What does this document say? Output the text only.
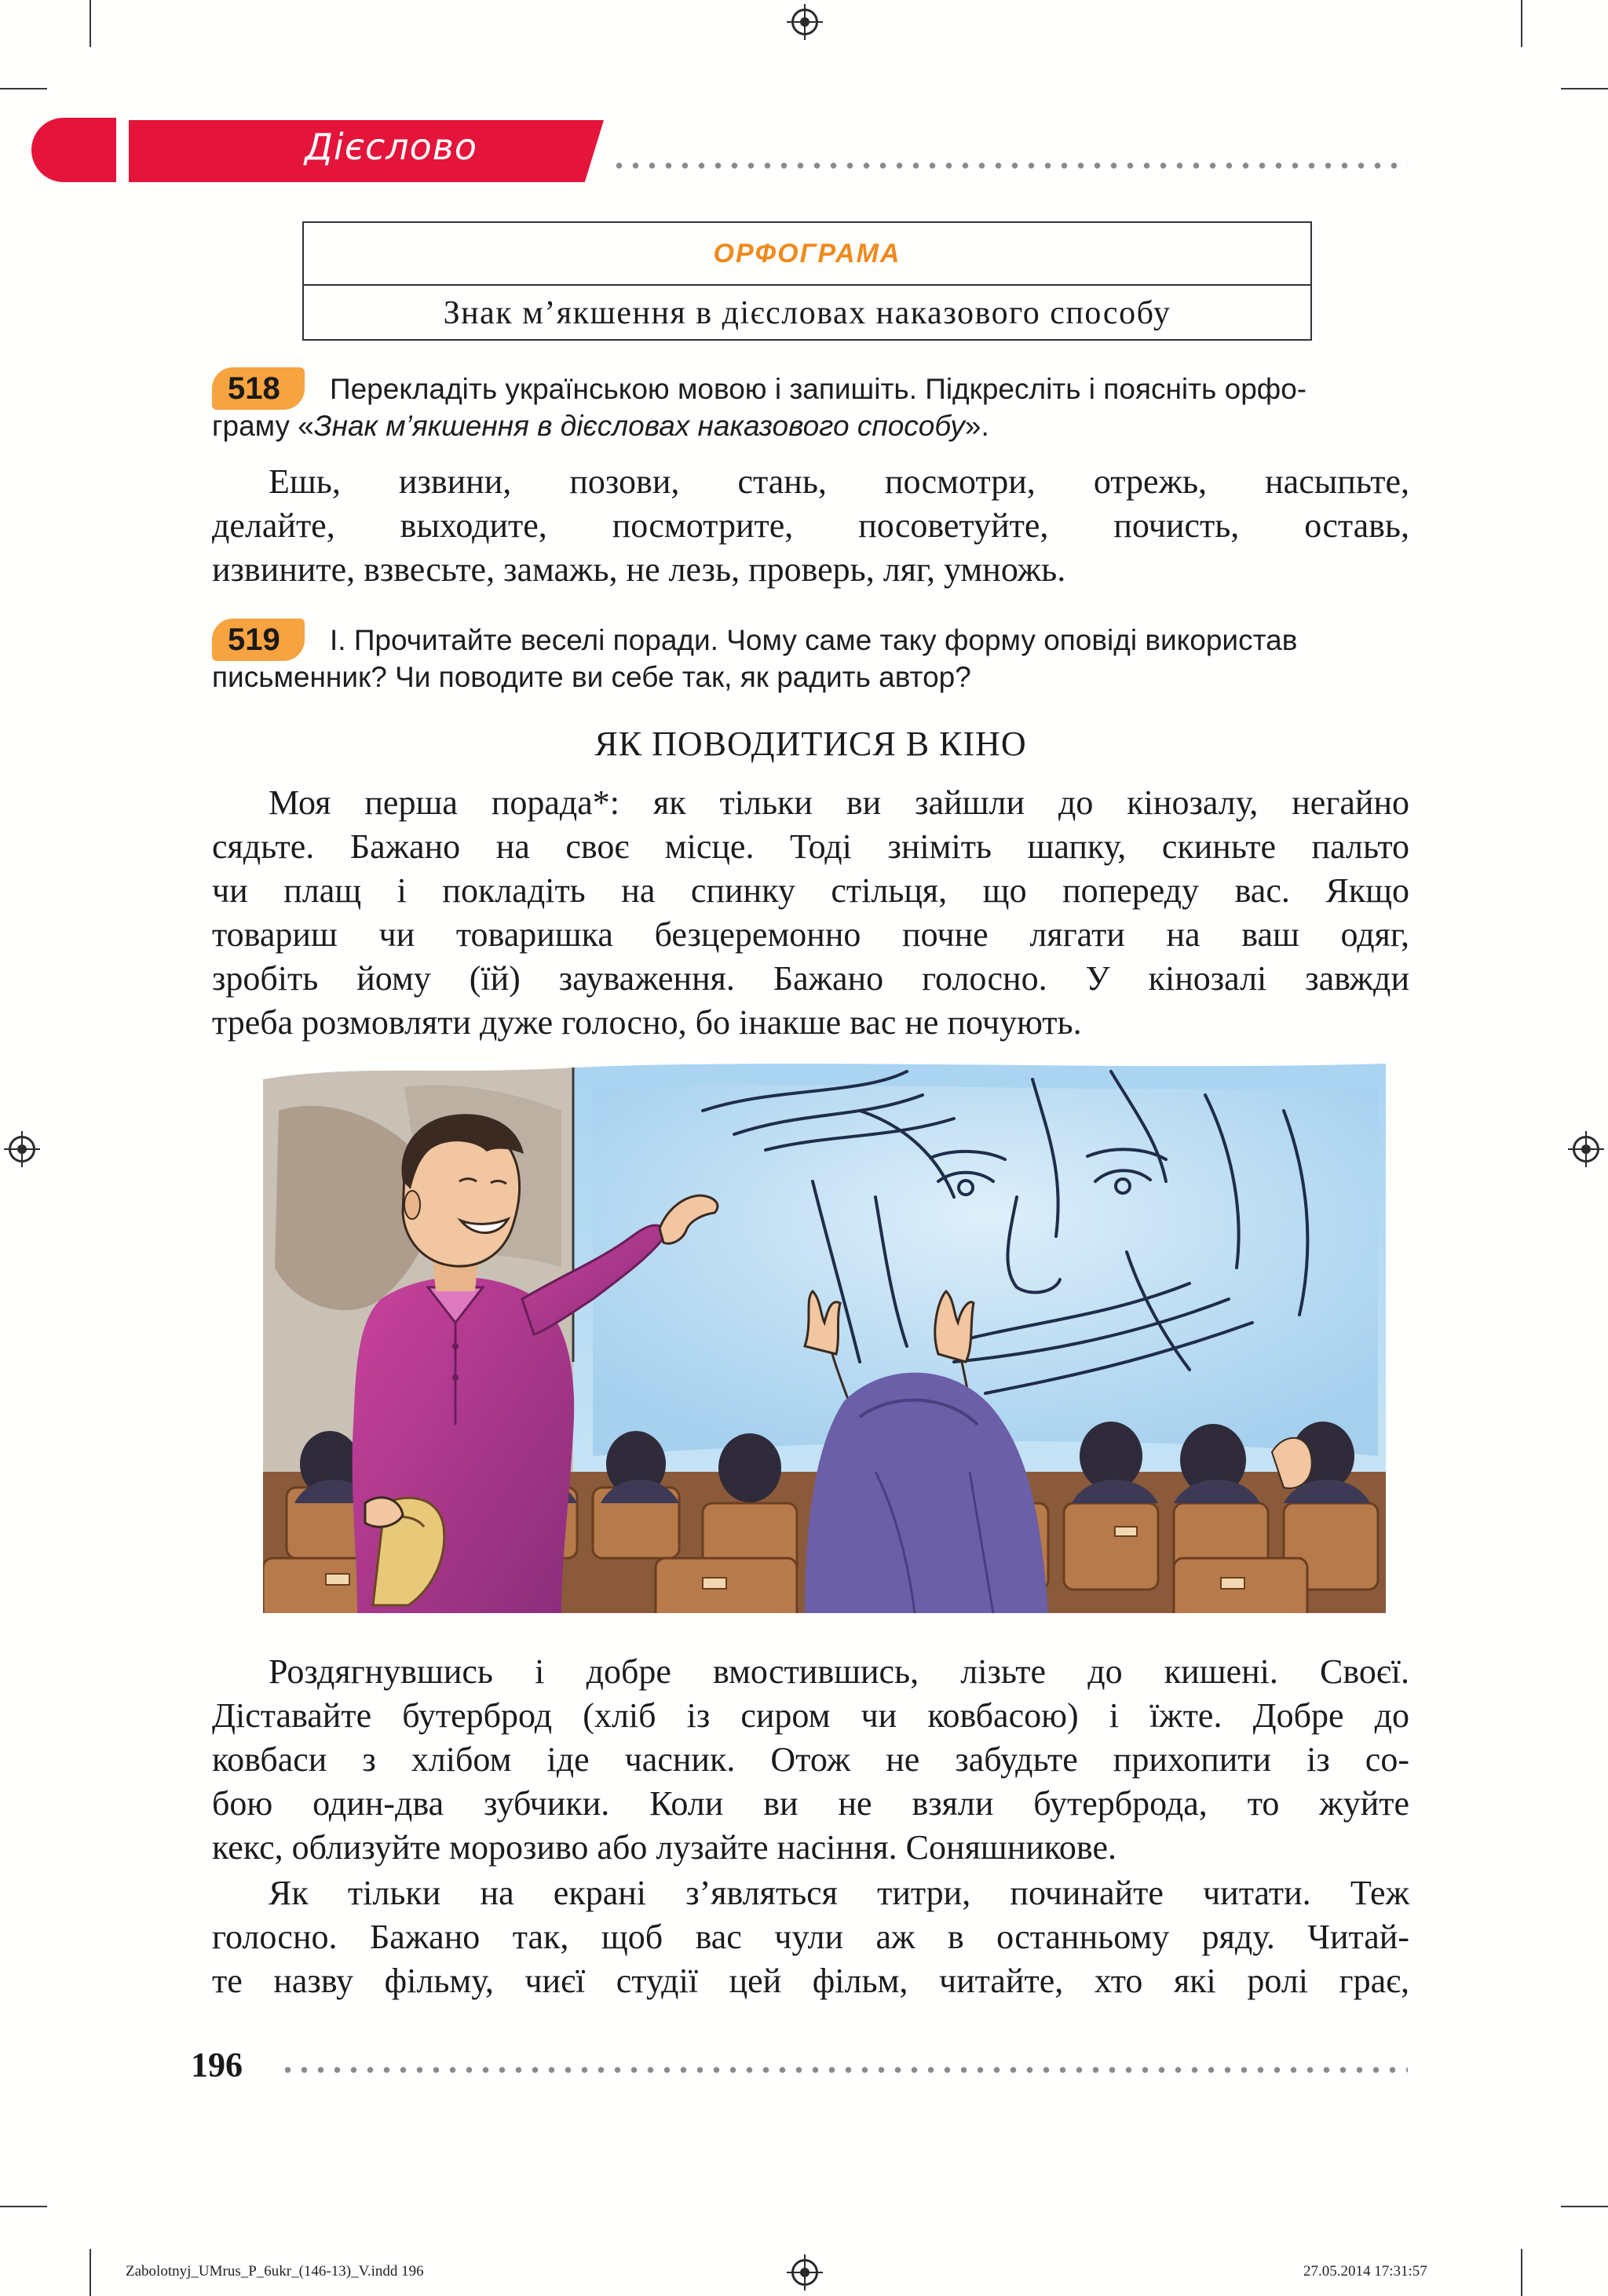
Дієслово
ОРФОГРАМА
Знак м’якшення в дієсловах наказового способу
518	Перекладіть українською мовою і запишіть. Підкресліть і поясніть орфо-
граму «Знак м’якшення в дієсловах наказового способу».
Ешь, извини, позови, стань, посмотри, отрежь, насыпьте,
делайте, выходите, посмотрите, посоветуйте, почисть, оставь,
извините, взвесьте, замажь, не лезь, проверь, ляг, умножь.
519	I. Прочитайте веселі поради. Чому саме таку форму оповіді використав
письменник? Чи поводите ви себе так, як радить автор?
ЯК ПОВОДИТИСЯ В КІНО
Моя перша порада*: як тільки ви зайшли до кінозалу, негайно
сядьте. Бажано на своє місце. Тоді зніміть шапку, скиньте пальто
чи плащ і покладіть на спинку стільця, що попереду вас. Якщо
товариш чи товаришка безцеремонно почне лягати на ваш одяг,
зробіть йому (їй) зауваження. Бажано голосно. У кінозалі завжди
треба розмовляти дуже голосно, бо інакше вас не почують.
Роздягнувшись і добре вмостившись, лізьте до кишені. Своєї.
Діставайте бутерброд (хліб із сиром чи ковбасою) і їжте. Добре до
ковбаси з хлібом іде часник. Отож не забудьте прихопити із со-
бою один-два зубчики. Коли ви не взяли бутерброда, то жуйте
кекс, облизуйте морозиво або лузайте насіння. Соняшникове.
Як тільки на екрані з’являться титри, починайте читати. Теж
голосно. Бажано так, щоб вас чули аж в останньому ряду. Читай-
те назву фільму, чиєї студії цей фільм, читайте, хто які ролі грає,
196
Zabolotnyj_UMrus_P_6ukr_(146-13)_V.indd 196	27.05.2014 17:31:57
